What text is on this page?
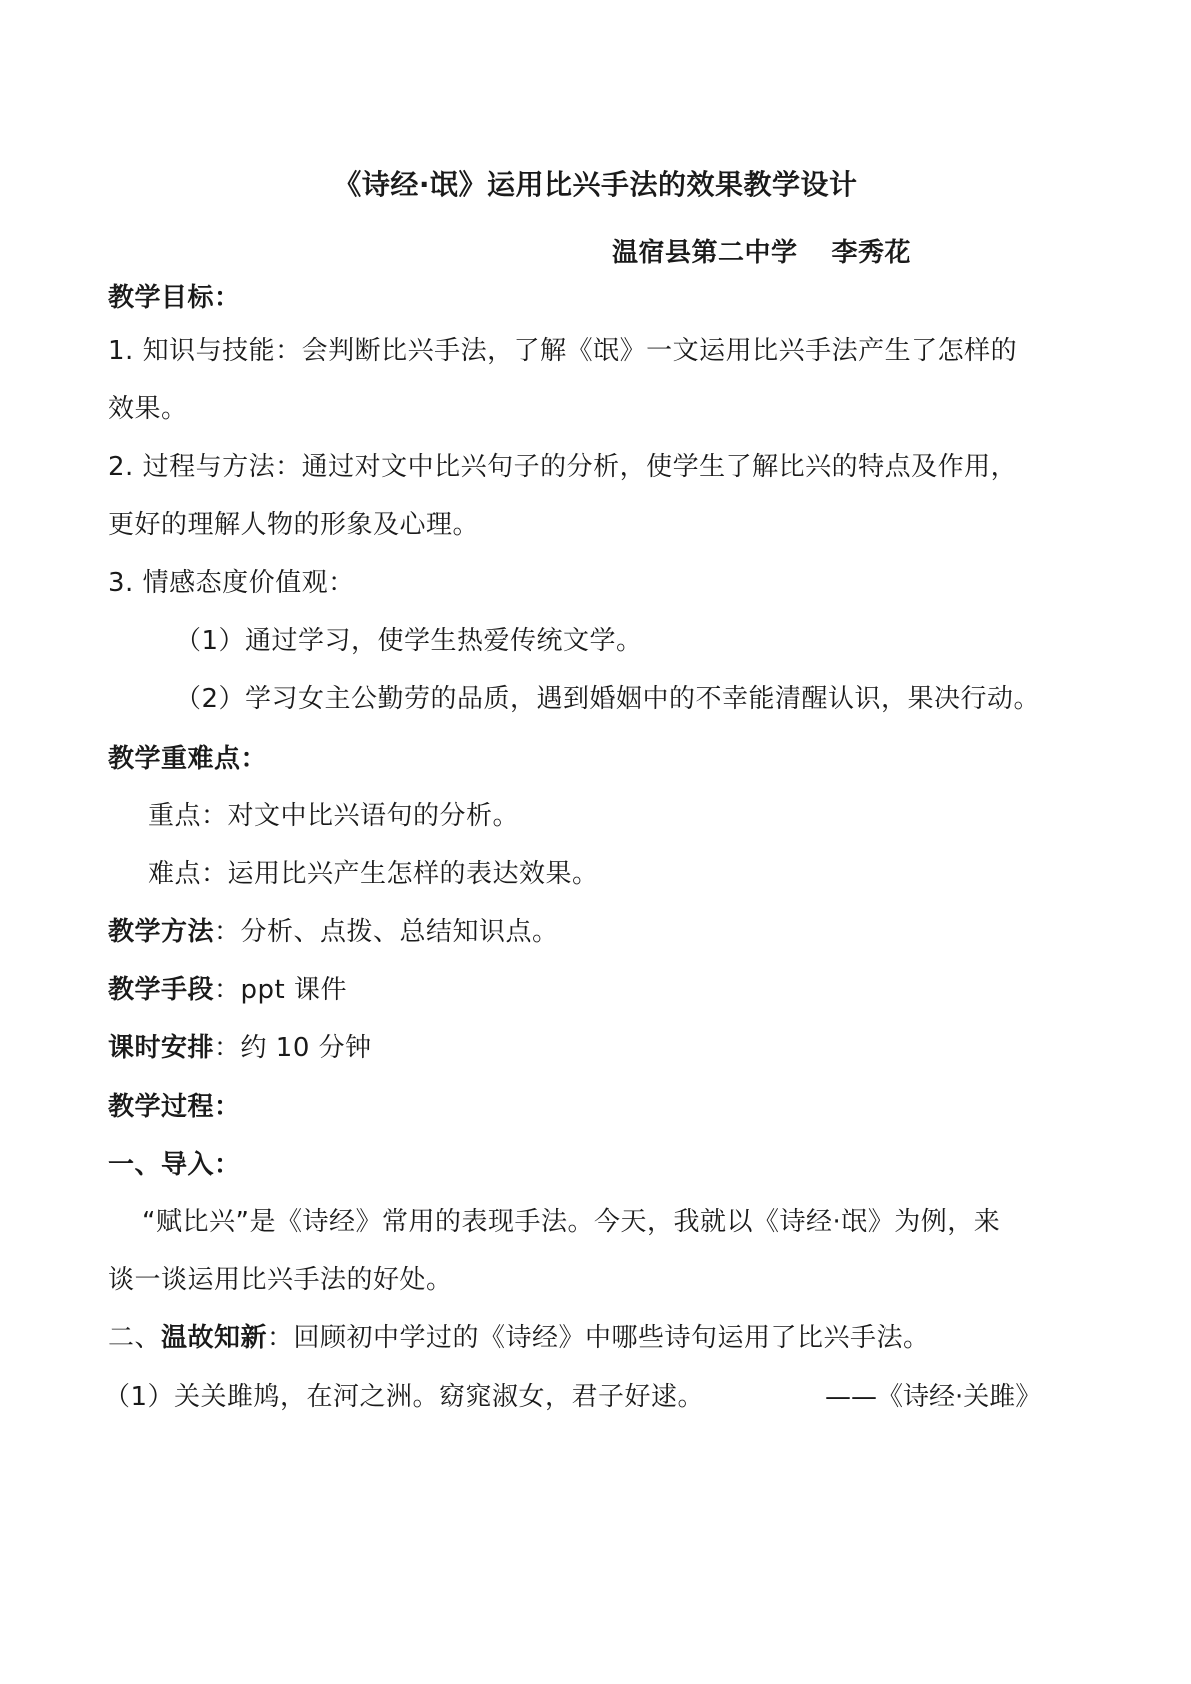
《诗经·氓》运用比兴手法的效果教学设计
温宿县第二中学 李秀花
教学目标：
1. 知识与技能：会判断比兴手法，了解《氓》一文运用比兴手法产生了怎样的
效果。
2. 过程与方法：通过对文中比兴句子的分析，使学生了解比兴的特点及作用，
更好的理解人物的形象及心理。
3. 情感态度价值观：
（1）通过学习，使学生热爱传统文学。
（2）学习女主公勤劳的品质，遇到婚姻中的不幸能清醒认识，果决行动。
教学重难点：
重点：对文中比兴语句的分析。
难点：运用比兴产生怎样的表达效果。
教学方法：分析、点拨、总结知识点。
教学手段：ppt 课件
课时安排：约 10 分钟
教学过程：
一、导入：
“赋比兴”是《诗经》常用的表现手法。今天，我就以《诗经·氓》为例，来
谈一谈运用比兴手法的好处。
二、温故知新：回顾初中学过的《诗经》中哪些诗句运用了比兴手法。
（1）关关雎鸠，在河之洲。窈窕淑女，君子好逑。	——《诗经·关雎》
